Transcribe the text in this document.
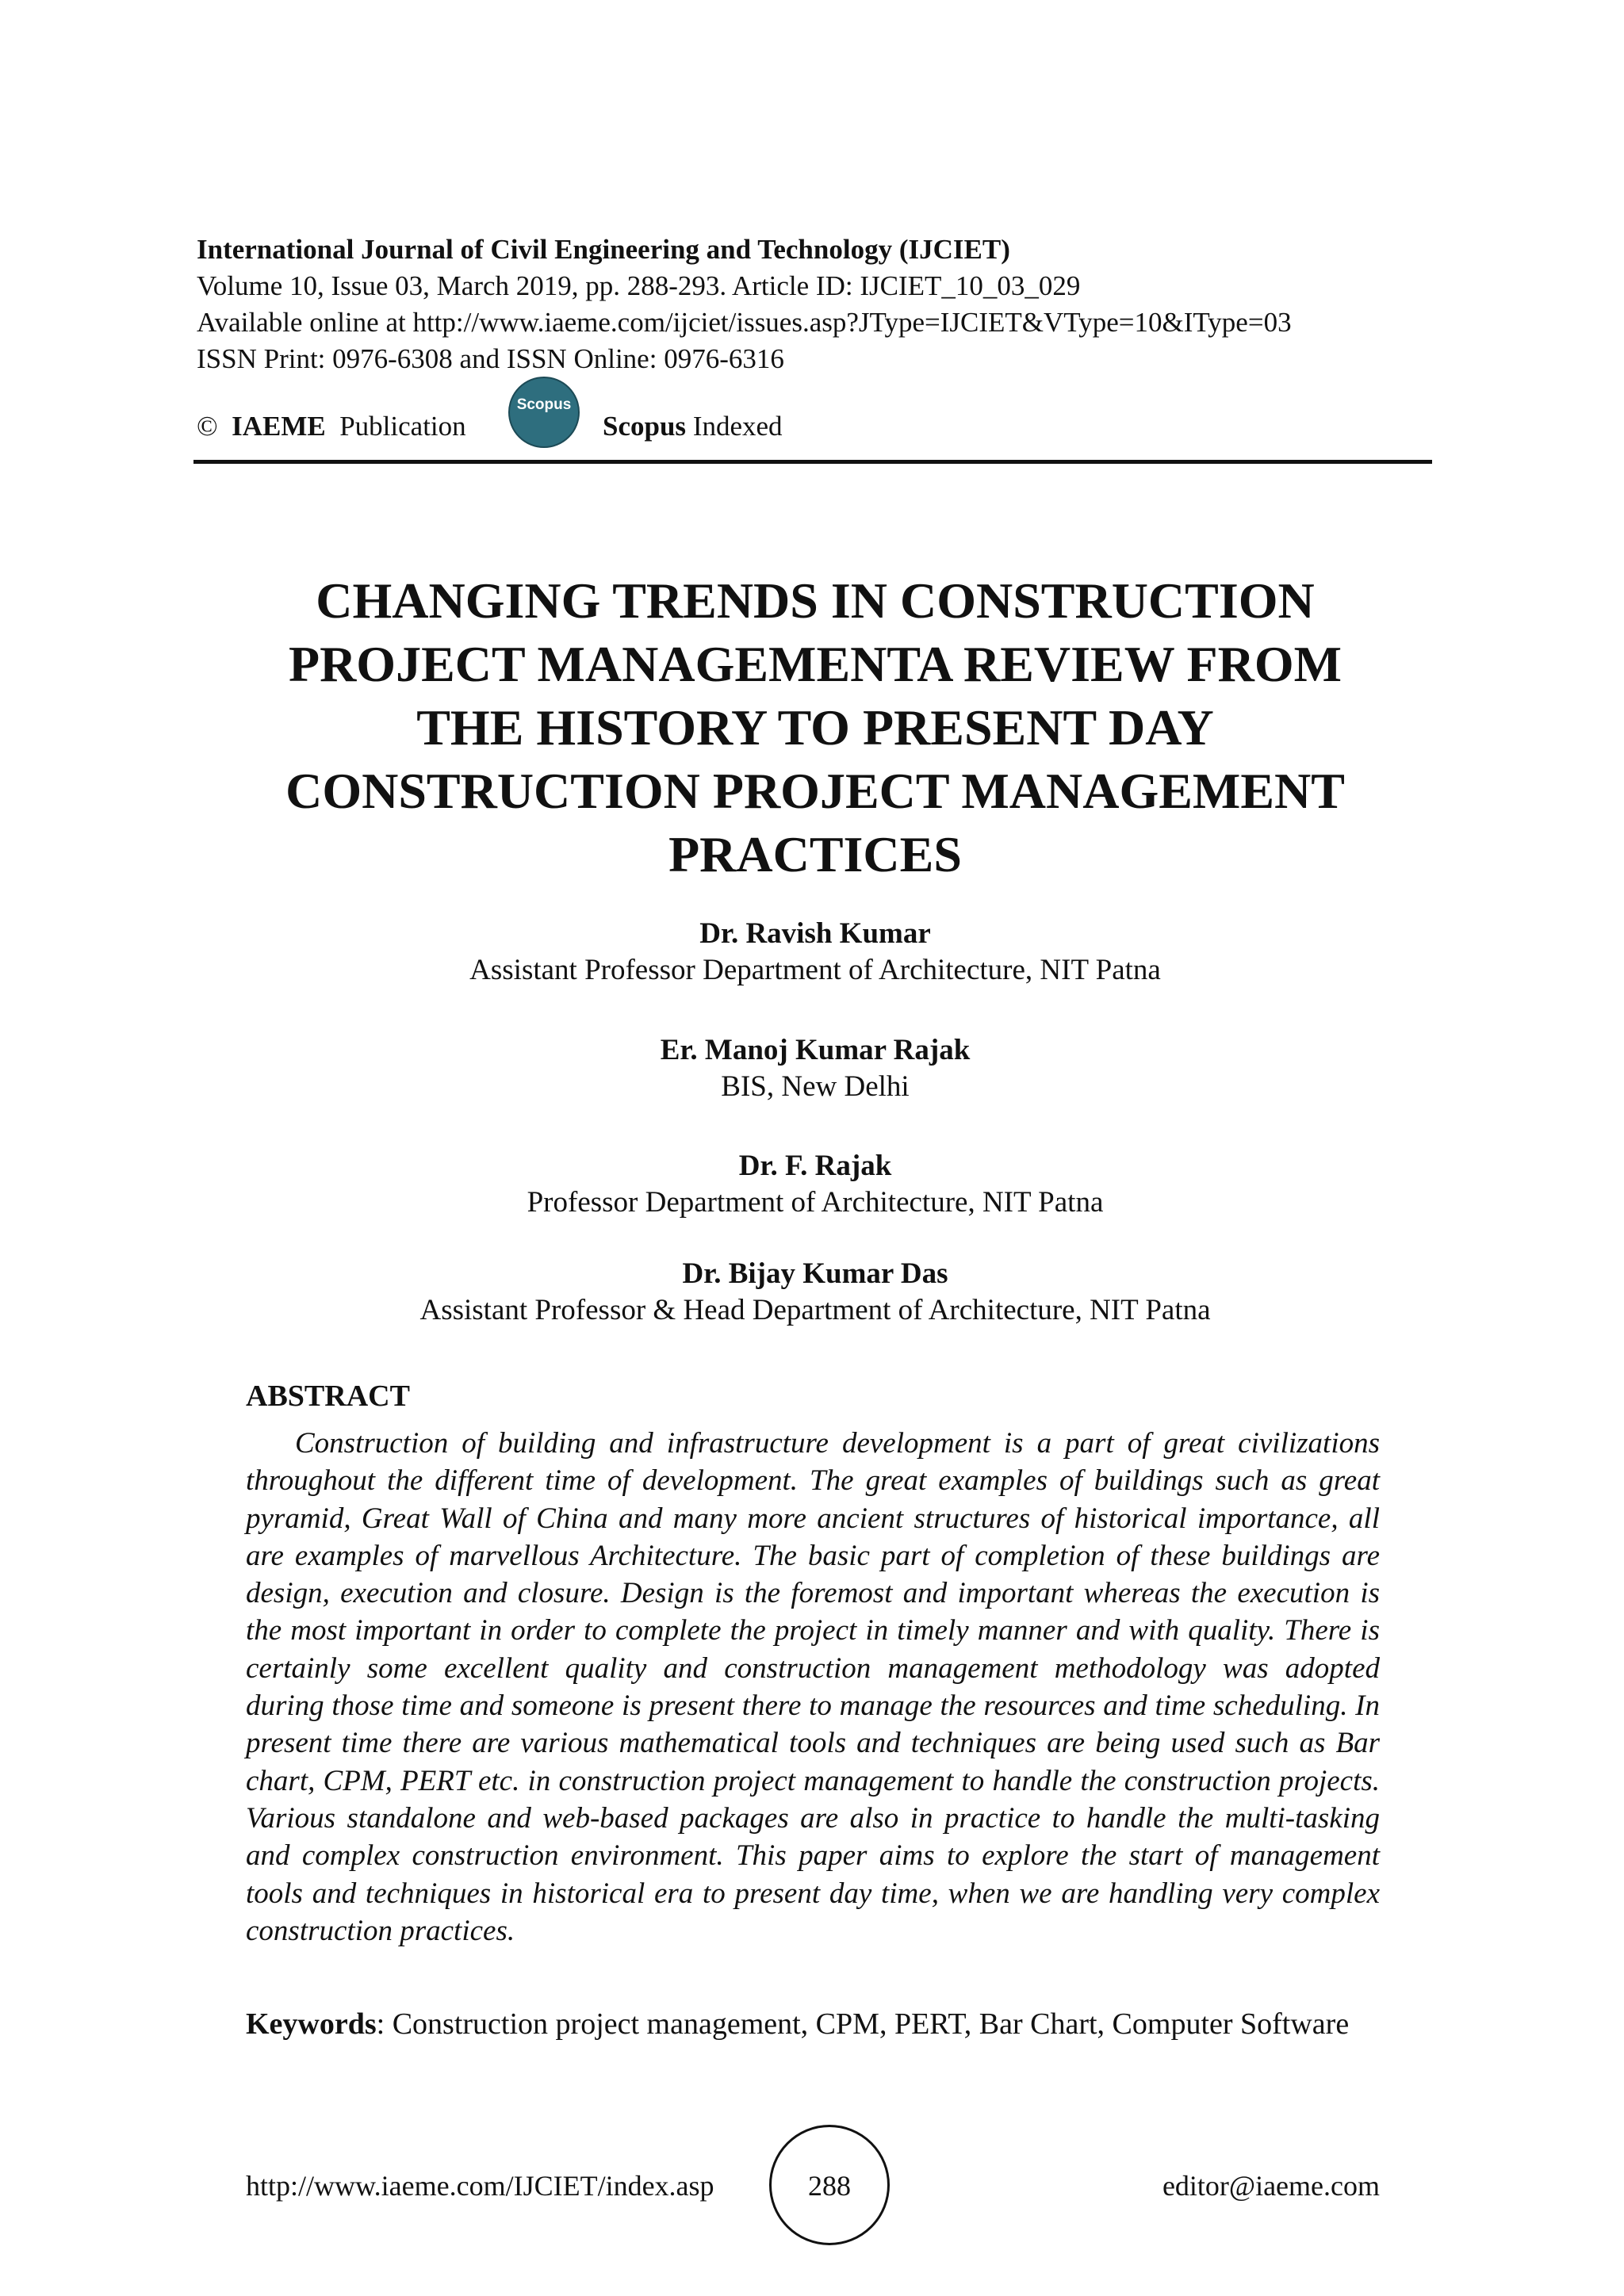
International Journal of Civil Engineering and Technology (IJCIET)
Volume 10, Issue 03, March 2019, pp. 288-293. Article ID: IJCIET_10_03_029
Available online at http://www.iaeme.com/ijciet/issues.asp?JType=IJCIET&VType=10&IType=03
ISSN Print: 0976-6308 and ISSN Online: 0976-6316
© IAEME Publication
Scopus
Scopus Indexed
CHANGING TRENDS IN CONSTRUCTION
PROJECT MANAGEMENTA REVIEW FROM
THE HISTORY TO PRESENT DAY
CONSTRUCTION PROJECT MANAGEMENT
PRACTICES
Dr. Ravish Kumar
Assistant Professor Department of Architecture, NIT Patna
Er. Manoj Kumar Rajak
BIS, New Delhi
Dr. F. Rajak
Professor Department of Architecture, NIT Patna
Dr. Bijay Kumar Das
Assistant Professor & Head Department of Architecture, NIT Patna
ABSTRACT
Construction of building and infrastructure development is a part of great civilizations throughout the different time of development. The great examples of buildings such as great pyramid, Great Wall of China and many more ancient structures of historical importance, all are examples of marvellous Architecture. The basic part of completion of these buildings are design, execution and closure. Design is the foremost and important whereas the execution is the most important in order to complete the project in timely manner and with quality. There is certainly some excellent quality and construction management methodology was adopted during those time and someone is present there to manage the resources and time scheduling. In present time there are various mathematical tools and techniques are being used such as Bar chart, CPM, PERT etc. in construction project management to handle the construction projects. Various standalone and web-based packages are also in practice to handle the multi-tasking and complex construction environment. This paper aims to explore the start of management tools and techniques in historical era to present day time, when we are handling very complex construction practices.
Keywords: Construction project management, CPM, PERT, Bar Chart, Computer Software
http://www.iaeme.com/IJCIET/index.asp	288	editor@iaeme.com
